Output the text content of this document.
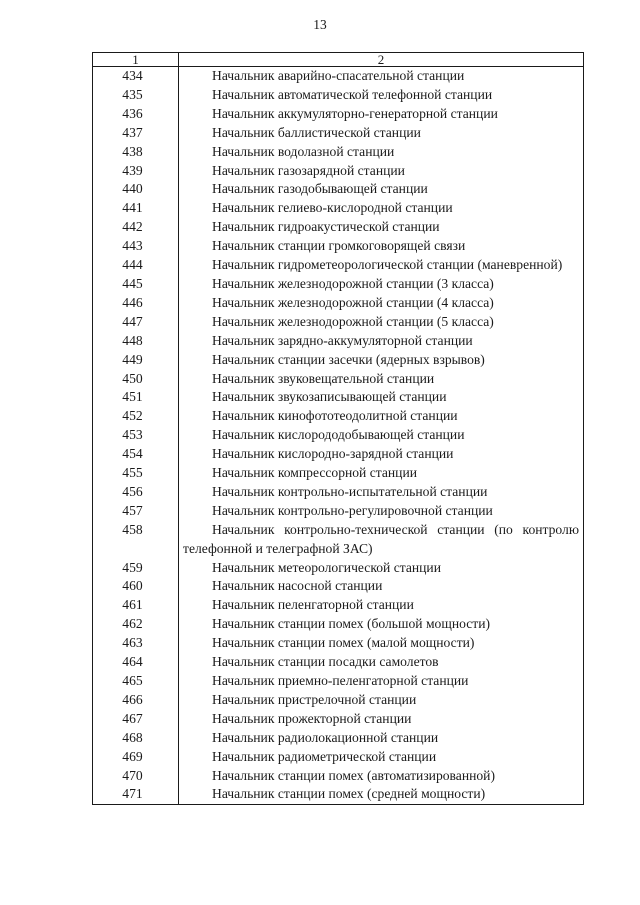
13
1	2
434	Начальник аварийно-спасательной станции
435	Начальник автоматической телефонной станции
436	Начальник аккумуляторно-генераторной станции
437	Начальник баллистической станции
438	Начальник водолазной станции
439	Начальник газозарядной станции
440	Начальник газодобывающей станции
441	Начальник гелиево-кислородной станции
442	Начальник гидроакустической станции
443	Начальник станции громкоговорящей связи
444	Начальник гидрометеорологической станции (маневренной)
445	Начальник железнодорожной станции (3 класса)
446	Начальник железнодорожной станции (4 класса)
447	Начальник железнодорожной станции (5 класса)
448	Начальник зарядно-аккумуляторной станции
449	Начальник станции засечки (ядерных взрывов)
450	Начальник звуковещательной станции
451	Начальник звукозаписывающей станции
452	Начальник кинофототеодолитной станции
453	Начальник кислорододобывающей станции
454	Начальник кислородно-зарядной станции
455	Начальник компрессорной станции
456	Начальник контрольно-испытательной станции
457	Начальник контрольно-регулировочной станции
458	Начальник контрольно-технической станции (по контролю телефонной и телеграфной ЗАС)
459	Начальник метеорологической станции
460	Начальник насосной станции
461	Начальник пеленгаторной станции
462	Начальник станции помех (большой мощности)
463	Начальник станции помех (малой мощности)
464	Начальник станции посадки самолетов
465	Начальник приемно-пеленгаторной станции
466	Начальник пристрелочной станции
467	Начальник прожекторной станции
468	Начальник радиолокационной станции
469	Начальник радиометрической станции
470	Начальник станции помех (автоматизированной)
471	Начальник станции помех (средней мощности)
